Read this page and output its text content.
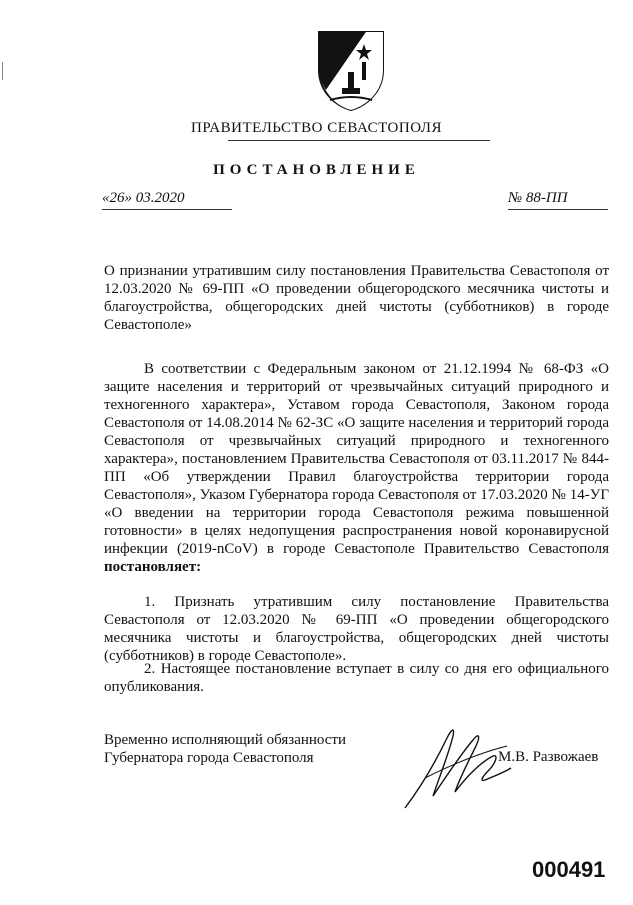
ПРАВИТЕЛЬСТВО СЕВАСТОПОЛЯ
ПОСТАНОВЛЕНИЕ
«26» 03.2020	№ 88-ПП
О признании утратившим силу постановления Правительства Севастополя от 12.03.2020 № 69-ПП «О проведении общегородского месячника чистоты и благоустройства, общегородских дней чистоты (субботников) в городе Севастополе»
В соответствии с Федеральным законом от 21.12.1994 № 68-ФЗ «О защите населения и территорий от чрезвычайных ситуаций природного и техногенного характера», Уставом города Севастополя, Законом города Севастополя от 14.08.2014 № 62-ЗС «О защите населения и территорий города Севастополя от чрезвычайных ситуаций природного и техногенного характера», постановлением Правительства Севастополя от 03.11.2017 № 844-ПП «Об утверждении Правил благоустройства территории города Севастополя», Указом Губернатора города Севастополя от 17.03.2020 № 14-УГ «О введении на территории города Севастополя режима повышенной готовности» в целях недопущения распространения новой коронавирусной инфекции (2019-nCoV) в городе Севастополе Правительство Севастополя постановляет:
1. Признать утратившим силу постановление Правительства Севастополя от 12.03.2020 № 69-ПП «О проведении общегородского месячника чистоты и благоустройства, общегородских дней чистоты (субботников) в городе Севастополе».
2. Настоящее постановление вступает в силу со дня его официального опубликования.
Временно исполняющий обязанности
Губернатора города Севастополя	М.В. Развожаев
000491
